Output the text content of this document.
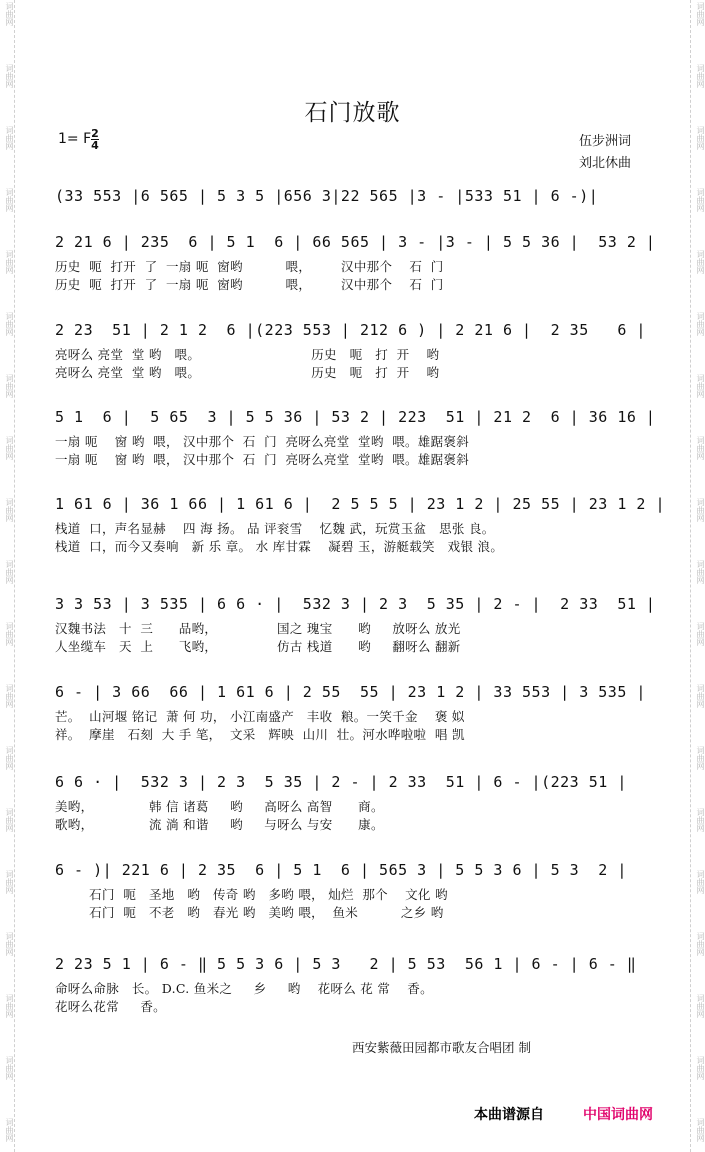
词曲网
词曲网
词曲网
词曲网
词曲网
词曲网
词曲网
词曲网
词曲网
词曲网
词曲网
词曲网
词曲网
词曲网
词曲网
词曲网
词曲网
词曲网
词曲网
词曲网
词曲网
词曲网
词曲网
词曲网
词曲网
词曲网
词曲网
词曲网
词曲网
词曲网
词曲网
词曲网
词曲网
词曲网
词曲网
词曲网
词曲网
词曲网
石门放歌
1= F $\frac{2}{4}$	伍步洲词
刘北休曲
(33 553 |6 565 | 5 3 5 |656 3|22 565 |3 - |533 51 | 6 -)|
2 21 6 | 235  6 | 5 1  6 | 66 565 | 3 - |3 - | 5 5 36 |  53 2 |
历史  呃  打开  了  一扇 呃  窗哟          喂，       汉中那个    石  门
历史  呃  打开  了  一扇 呃  窗哟          喂，       汉中那个    石  门
2 23  51 | 2 1 2  6 |(223 553 | 212 6 ) | 2 21 6 |  2 35   6 |
亮呀么 亮堂  堂 哟   喂。                          历史   呃   打  开    哟
亮呀么 亮堂  堂 哟   喂。                          历史   呃   打  开    哟
5 1  6 |  5 65  3 | 5 5 36 | 53 2 | 223  51 | 21 2  6 | 36 16 |
一扇 呃    窗 哟  喂， 汉中那个  石  门  亮呀么亮堂  堂哟  喂。雄踞褒斜
一扇 呃    窗 哟  喂， 汉中那个  石  门  亮呀么亮堂  堂哟  喂。雄踞褒斜
1 61 6 | 36 1 66 | 1 61 6 |  2 5 5 5 | 23 1 2 | 25 55 | 23 1 2 |
栈道  口，声名显赫    四 海 扬。 品 评衮雪    忆魏 武，玩赏玉盆   思张 良。
栈道  口，而今又奏响   新 乐 章。 水 库甘霖    凝碧 玉，游艇载笑   戏银 浪。
3 3 53 | 3 535 | 6 6 · |  532 3 | 2 3  5 35 | 2 - |  2 33  51 |
汉魏书法   十  三      品哟，              国之 瑰宝      哟     放呀么 放光
人坐缆车   天  上      飞哟，              仿古 栈道      哟     翻呀么 翻新
6 - | 3 66  66 | 1 61 6 | 2 55  55 | 23 1 2 | 33 553 | 3 535 |
芒。  山河堰 铭记  萧 何 功， 小江南盛产   丰收  粮。一笑千金    褒 姒
祥。  摩崖   石刻  大 手 笔，  文采   辉映  山川  壮。河水哗啦啦  唱 凯
6 6 · |  532 3 | 2 3  5 35 | 2 - | 2 33  51 | 6 - |(223 51 |
美哟，             韩 信 诸葛     哟     高呀么 高智      商。
歌哟，             流 淌 和谐     哟     与呀么 与安      康。
6 - )| 221 6 | 2 35  6 | 5 1  6 | 565 3 | 5 5 3 6 | 5 3  2 |
石门  呃   圣地   哟   传奇 哟   多哟 喂， 灿烂  那个    文化 哟
石门  呃   不老   哟   春光 哟   美哟 喂，  鱼米          之乡 哟
2 23 5 1 | 6 - ‖ 5 5 3 6 | 5 3   2 | 5 53  56 1 | 6 - | 6 - ‖
命呀么命脉   长。 D.C. 鱼米之     乡     哟    花呀么 花 常    香。
花呀么花常     香。
西安紫薇田园都市歌友合唱团 制
本曲谱源自	中国词曲网
